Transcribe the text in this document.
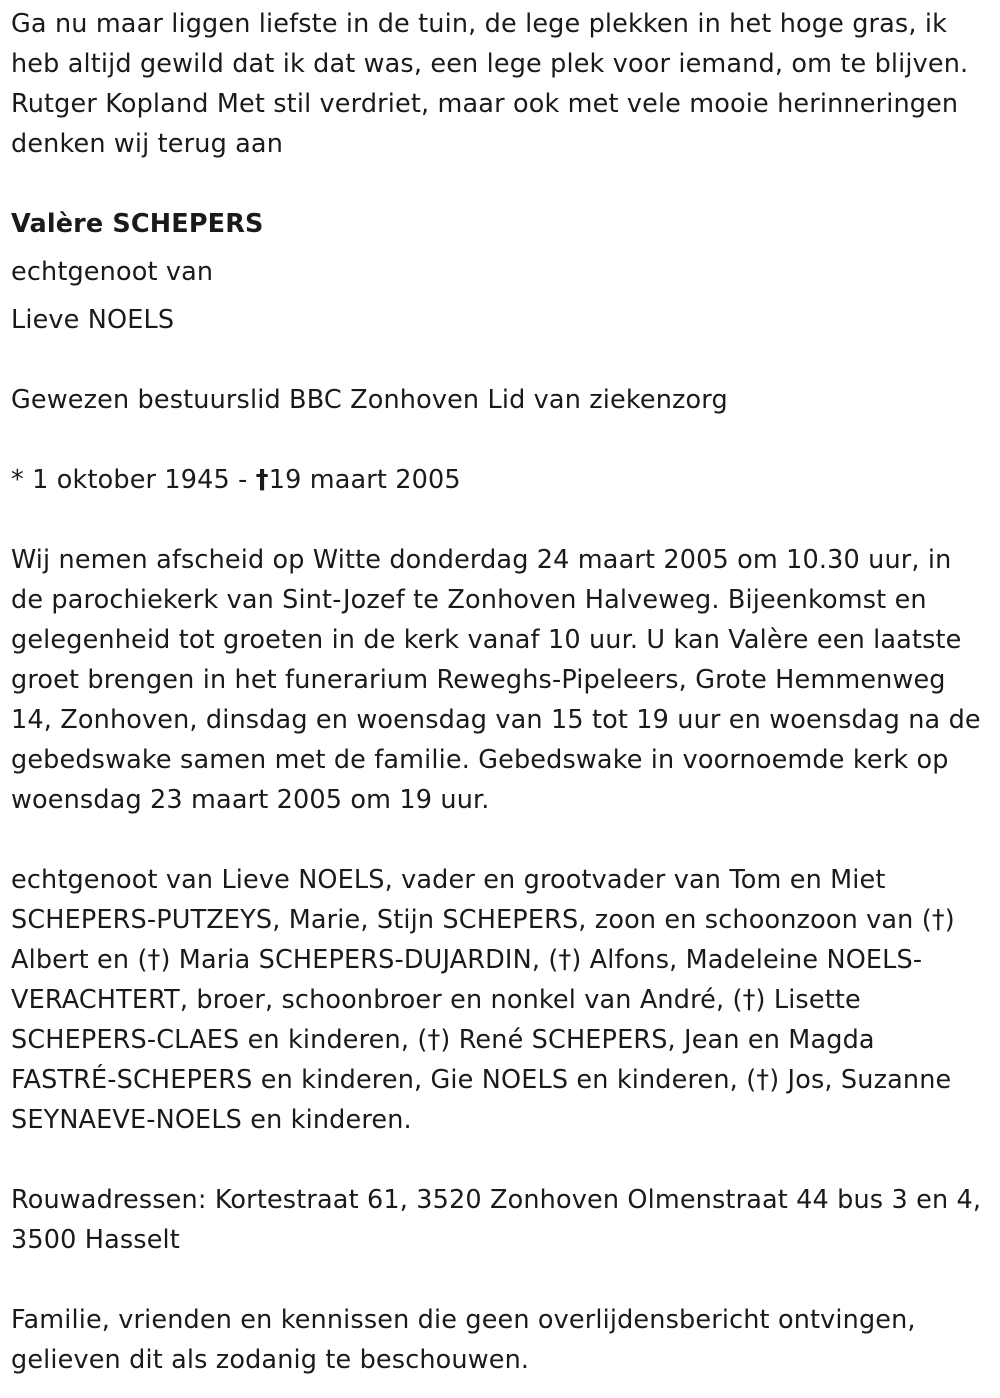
Ga nu maar liggen liefste in de tuin, de lege plekken in het hoge gras, ik heb altijd gewild dat ik dat was, een lege plek voor iemand, om te blijven. Rutger Kopland Met stil verdriet, maar ook met vele mooie herinneringen denken wij terug aan

Valère SCHEPERS

echtgenoot van

Lieve NOELS

Gewezen bestuurslid BBC Zonhoven Lid van ziekenzorg

* 1 oktober 1945 - †19 maart 2005

Wij nemen afscheid op Witte donderdag 24 maart 2005 om 10.30 uur, in de parochiekerk van Sint-Jozef te Zonhoven Halveweg. Bijeenkomst en gelegenheid tot groeten in de kerk vanaf 10 uur. U kan Valère een laatste groet brengen in het funerarium Reweghs-Pipeleers, Grote Hemmenweg 14, Zonhoven, dinsdag en woensdag van 15 tot 19 uur en woensdag na de gebedswake samen met de familie. Gebedswake in voornoemde kerk op woensdag 23 maart 2005 om 19 uur.

echtgenoot van Lieve NOELS, vader en grootvader van Tom en Miet

SCHEPERS-PUTZEYS, Marie, Stijn SCHEPERS, zoon en schoonzoon van (†)

Albert en (†) Maria SCHEPERS-DUJARDIN, (†) Alfons, Madeleine NOELS-

VERACHTERT, broer, schoonbroer en nonkel van André, (†) Lisette

SCHEPERS-CLAES en kinderen, (†) René SCHEPERS, Jean en Magda

FASTRÉ-SCHEPERS en kinderen, Gie NOELS en kinderen, (†) Jos, Suzanne

SEYNAEVE-NOELS en kinderen.

Rouwadressen: Kortestraat 61, 3520 Zonhoven Olmenstraat 44 bus 3 en 4, 3500 Hasselt

Familie, vrienden en kennissen die geen overlijdensbericht ontvingen, gelieven dit als zodanig te beschouwen.
